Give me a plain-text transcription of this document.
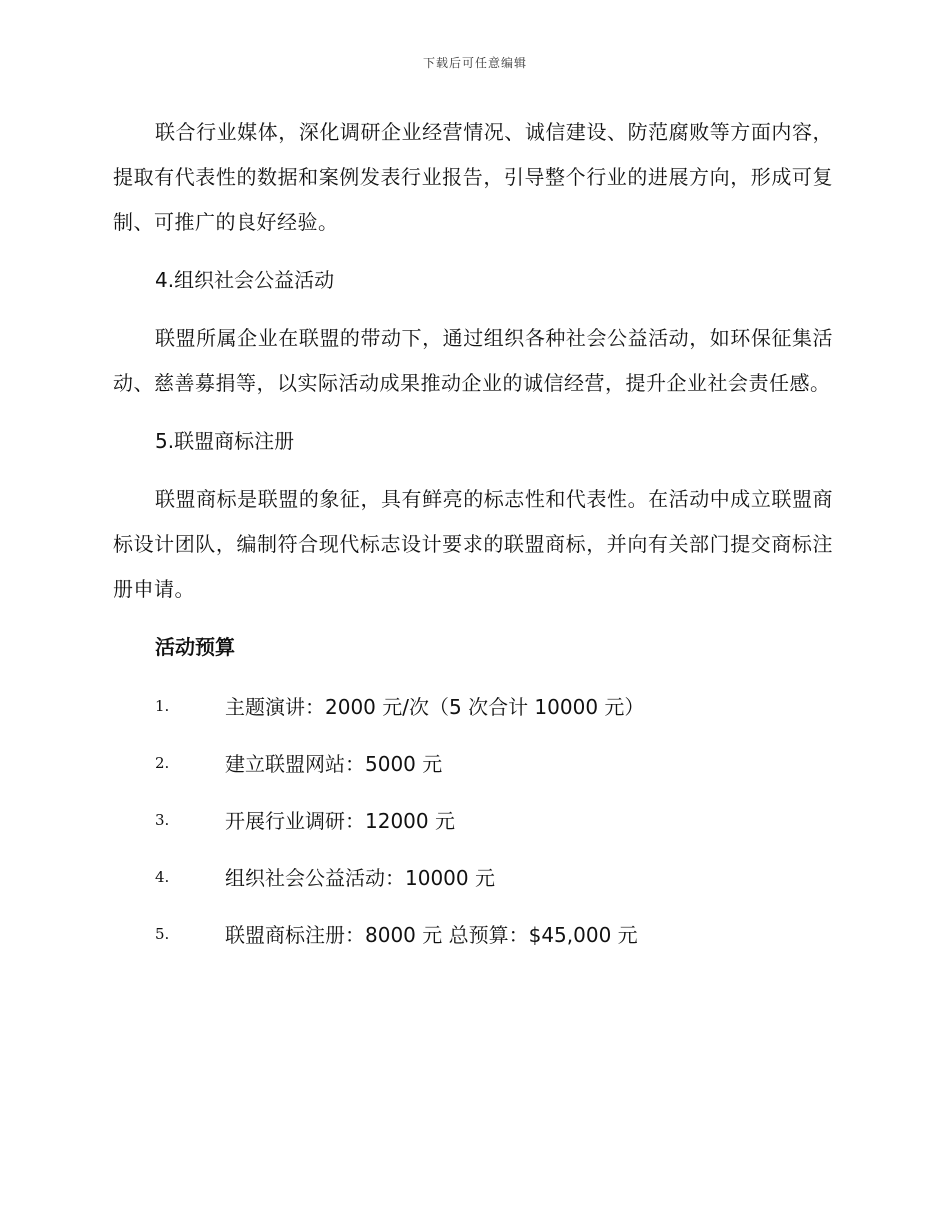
下载后可任意编辑

联合行业媒体，深化调研企业经营情况、诚信建设、防范腐败等方面内容，提取有代表性的数据和案例发表行业报告，引导整个行业的进展方向，形成可复制、可推广的良好经验。

4.组织社会公益活动

联盟所属企业在联盟的带动下，通过组织各种社会公益活动，如环保征集活动、慈善募捐等，以实际活动成果推动企业的诚信经营，提升企业社会责任感。

5.联盟商标注册

联盟商标是联盟的象征，具有鲜亮的标志性和代表性。在活动中成立联盟商标设计团队，编制符合现代标志设计要求的联盟商标，并向有关部门提交商标注册申请。

活动预算
1.	主题演讲：2000 元/次（5 次合计 10000 元）
2.	建立联盟网站：5000 元
3.	开展行业调研：12000 元
4.	组织社会公益活动：10000 元
5.	联盟商标注册：8000 元 总预算：$45,000 元
